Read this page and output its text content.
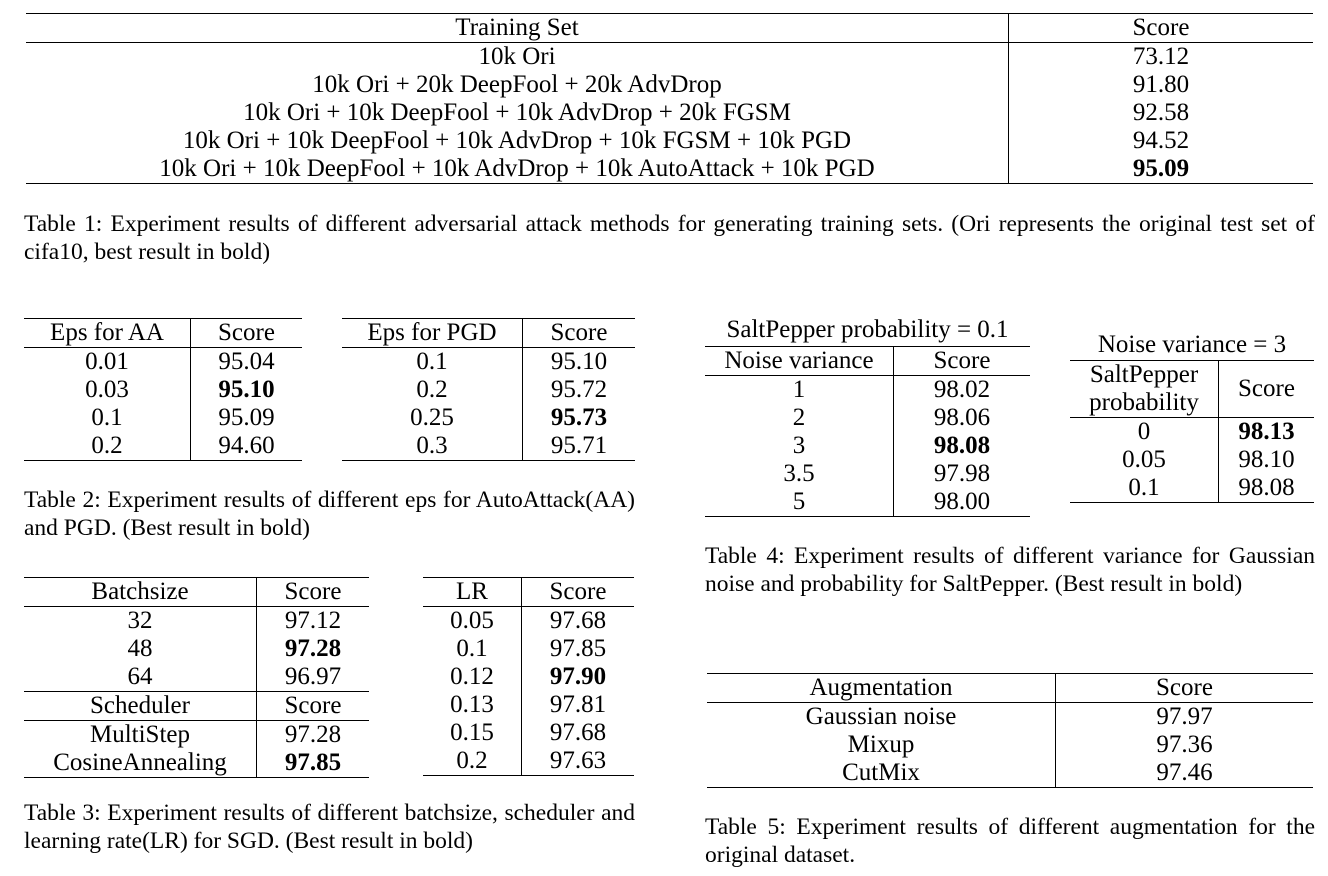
Training Set	Score
10k Ori	73.12
10k Ori + 20k DeepFool + 20k AdvDrop	91.80
10k Ori + 10k DeepFool + 10k AdvDrop + 20k FGSM	92.58
10k Ori + 10k DeepFool + 10k AdvDrop + 10k FGSM + 10k PGD	94.52
10k Ori + 10k DeepFool + 10k AdvDrop + 10k AutoAttack + 10k PGD	95.09

Table 1: Experiment results of different adversarial attack methods for generating training sets. (Ori represents the original test set of cifa10, best result in bold)

Eps for AA	Score
0.01	95.04
0.03	95.10
0.1	95.09
0.2	94.60
Eps for PGD	Score
0.1	95.10
0.2	95.72
0.25	95.73
0.3	95.71

Table 2: Experiment results of different eps for AutoAttack(AA) and PGD. (Best result in bold)

Batchsize	Score
32	97.12
48	97.28
64	96.97
Scheduler	Score
MultiStep	97.28
CosineAnnealing	97.85
LR	Score
0.05	97.68
0.1	97.85
0.12	97.90
0.13	97.81
0.15	97.68
0.2	97.63

Table 3: Experiment results of different batchsize, scheduler and learning rate(LR) for SGD. (Best result in bold)

SaltPepper probability = 0.1
Noise variance	Score
1	98.02
2	98.06
3	98.08
3.5	97.98
5	98.00
Noise variance = 3
SaltPepper
probability	Score
0	98.13
0.05	98.10
0.1	98.08

Table 4: Experiment results of different variance for Gaussian noise and probability for SaltPepper. (Best result in bold)

Augmentation	Score
Gaussian noise	97.97
Mixup	97.36
CutMix	97.46

Table 5: Experiment results of different augmentation for the original dataset.
